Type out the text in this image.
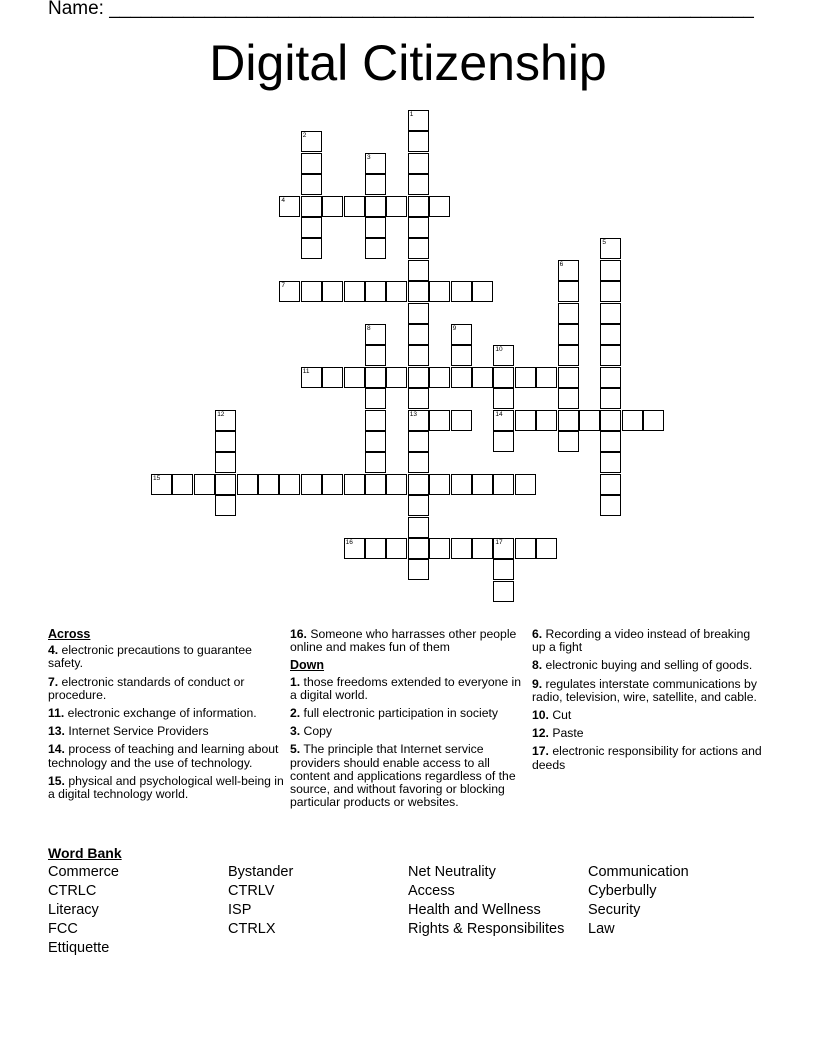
Name: _____________________________________________________________
Digital Citizenship
1
13
2
3
4
5
6
7
8	9
10
14
11
12
15
16	17
Across
4. electronic precautions to guarantee safety.
7. electronic standards of conduct or procedure.
11. electronic exchange of information.
13. Internet Service Providers
14. process of teaching and learning about technology and the use of technology.
15. physical and psychological well-being in a digital technology world.
16. Someone who harrasses other people online and makes fun of them
Down
1. those freedoms extended to everyone in a digital world.
2. full electronic participation in society
3. Copy
5. The principle that Internet service providers should enable access to all content and applications regardless of the source, and without favoring or blocking particular products or websites.
6. Recording a video instead of breaking up a fight
8. electronic buying and selling of goods.
9. regulates interstate communications by radio, television, wire, satellite, and cable.
10. Cut
12. Paste
17. electronic responsibility for actions and deeds
Word Bank
Commerce
CTRLC
Literacy
FCC
Ettiquette
Bystander
CTRLV
ISP
CTRLX
Net Neutrality
Access
Health and Wellness
Rights & Responsibilites
Communication
Cyberbully
Security
Law
